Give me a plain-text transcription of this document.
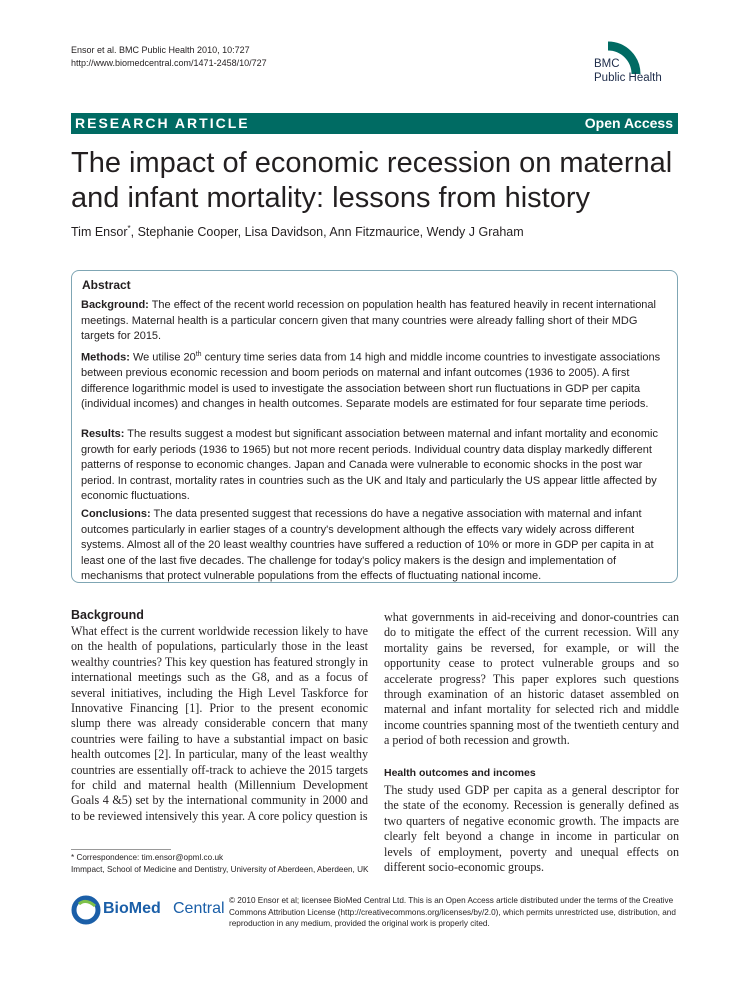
Ensor et al. BMC Public Health 2010, 10:727
http://www.biomedcentral.com/1471-2458/10/727	BMC
Public Health
RESEARCH ARTICLE	Open Access
The impact of economic recession on maternal and infant mortality: lessons from history
Tim Ensor*, Stephanie Cooper, Lisa Davidson, Ann Fitzmaurice, Wendy J Graham
Abstract

Background: The effect of the recent world recession on population health has featured heavily in recent international meetings. Maternal health is a particular concern given that many countries were already falling short of their MDG targets for 2015.

Methods: We utilise 20th century time series data from 14 high and middle income countries to investigate associations between previous economic recession and boom periods on maternal and infant outcomes (1936 to 2005). A first difference logarithmic model is used to investigate the association between short run fluctuations in GDP per capita (individual incomes) and changes in health outcomes. Separate models are estimated for four separate time periods.

Results: The results suggest a modest but significant association between maternal and infant mortality and economic growth for early periods (1936 to 1965) but not more recent periods. Individual country data display markedly different patterns of response to economic changes. Japan and Canada were vulnerable to economic shocks in the post war period. In contrast, mortality rates in countries such as the UK and Italy and particularly the US appear little affected by economic fluctuations.

Conclusions: The data presented suggest that recessions do have a negative association with maternal and infant outcomes particularly in earlier stages of a country's development although the effects vary widely across different systems. Almost all of the 20 least wealthy countries have suffered a reduction of 10% or more in GDP per capita in at least one of the last five decades. The challenge for today's policy makers is the design and implementation of mechanisms that protect vulnerable populations from the effects of fluctuating national income.

Background
What effect is the current worldwide recession likely to have on the health of populations, particularly those in the least wealthy countries? This key question has featured strongly in international meetings such as the G8, and as a focus of several initiatives, including the High Level Taskforce for Innovative Financing [1]. Prior to the present economic slump there was already considerable concern that many countries were failing to have a substantial impact on basic health outcomes [2]. In particular, many of the least wealthy countries are essentially off-track to achieve the 2015 targets for child and maternal health (Millennium Development Goals 4 &5) set by the international community in 2000 and to be reviewed intensively this year. A core policy question is
what governments in aid-receiving and donor-countries can do to mitigate the effect of the current recession. Will any mortality gains be reversed, for example, or will the opportunity cease to protect vulnerable groups and so accelerate progress? This paper explores such questions through examination of an historic dataset assembled on maternal and infant mortality for selected rich and middle income countries spanning most of the twentieth century and a period of both recession and growth.
Health outcomes and incomes
The study used GDP per capita as a general descriptor for the state of the economy. Recession is generally defined as two quarters of negative economic growth. The impacts are clearly felt beyond a change in income in particular on levels of employment, poverty and unequal effects on different socio-economic groups.
* Correspondence: tim.ensor@opml.co.uk
Immpact, School of Medicine and Dentistry, University of Aberdeen, Aberdeen, UK
BioMed Central © 2010 Ensor et al; licensee BioMed Central Ltd. This is an Open Access article distributed under the terms of the Creative Commons Attribution License (http://creativecommons.org/licenses/by/2.0), which permits unrestricted use, distribution, and reproduction in any medium, provided the original work is properly cited.
